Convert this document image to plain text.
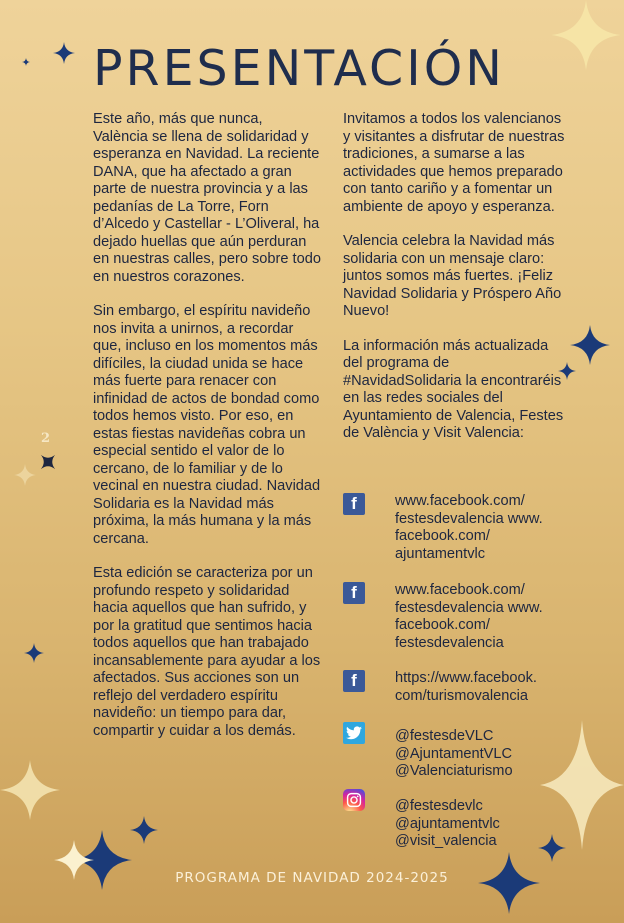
PRESENTACIÓN
2

Este año, más que nunca, València se llena de solidaridad y esperanza en Navidad. La reciente DANA, que ha afectado a gran parte de nuestra provincia y a las pedanías de La Torre, Forn d’Alcedo y Castellar - L’Oliveral, ha dejado huellas que aún perduran en nuestras calles, pero sobre todo en nuestros corazones.

Sin embargo, el espíritu navideño nos invita a unirnos, a recordar que, incluso en los momentos más difíciles, la ciudad unida se hace más fuerte para renacer con infinidad de actos de bondad como todos hemos visto. Por eso, en estas fiestas navideñas cobra un especial sentido el valor de lo cercano, de lo familiar y de lo vecinal en nuestra ciudad. Navidad Solidaria es la Navidad más próxima, la más humana y la más cercana.

Esta edición se caracteriza por un profundo respeto y solidaridad hacia aquellos que han sufrido, y por la gratitud que sentimos hacia todos aquellos que han trabajado incansablemente para ayudar a los afectados. Sus acciones son un reflejo del verdadero espíritu navideño: un tiempo para dar, compartir y cuidar a los demás.

Invitamos a todos los valencianos y visitantes a disfrutar de nuestras tradiciones, a sumarse a las actividades que hemos preparado con tanto cariño y a fomentar un ambiente de apoyo y esperanza.

Valencia celebra la Navidad más solidaria con un mensaje claro: juntos somos más fuertes. ¡Feliz Navidad Solidaria y Próspero Año Nuevo!

La información más actualizada del programa de #NavidadSolidaria la encontraréis en las redes sociales del Ayuntamiento de Valencia, Festes de València y Visit Valencia:

f	www.facebook.com/ festesdevalencia www. facebook.com/ ajuntamentvlc
f	www.facebook.com/ festesdevalencia www. facebook.com/ festesdevalencia
f	https://www.facebook. com/turismovalencia
@festesdeVLC @AjuntamentVLC @Valenciaturismo
@festesdevlc @ajuntamentvlc @visit_valencia
PROGRAMA DE NAVIDAD 2024-2025
